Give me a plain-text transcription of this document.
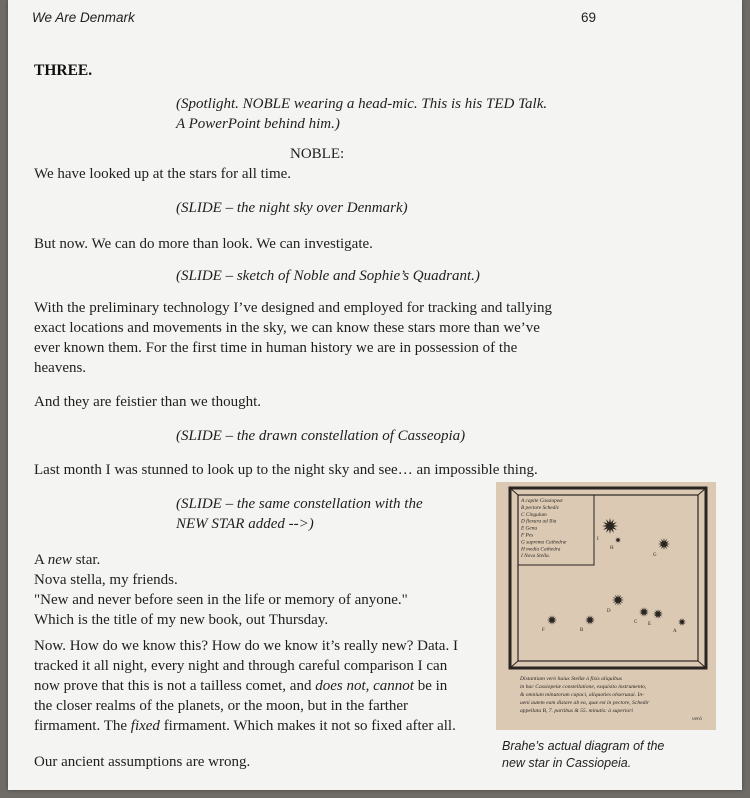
We Are Denmark	69
THREE.

(Spotlight. NOBLE wearing a head-mic. This is his TED Talk.
A PowerPoint behind him.)

NOBLE:

We have looked up at the stars for all time.

(SLIDE – the night sky over Denmark)

But now. We can do more than look. We can investigate.

(SLIDE – sketch of Noble and Sophie’s Quadrant.)

With the preliminary technology I’ve designed and employed for tracking and tallying
exact locations and movements in the sky, we can know these stars more than we’ve
ever known them. For the first time in human history we are in possession of the
heavens.

And they are feistier than we thought.

(SLIDE – the drawn constellation of Casseopia)

Last month I was stunned to look up to the night sky and see… an impossible thing.

(SLIDE – the same constellation with the
NEW STAR added -->)

A new star.
Nova stella, my friends.
"New and never before seen in the life or memory of anyone."
Which is the title of my new book, out Thursday.

Now. How do we know this? How do we know it’s really new? Data. I
tracked it all night, every night and through careful comparison I can
now prove that this is not a tailless comet, and does not, cannot be in
the closer realms of the planets, or the moon, but in the farther
firmament. The fixed firmament. Which makes it not so fixed after all.

Our ancient assumptions are wrong.

A capite Cassiopeæ
B pectore Schedir.
C Cingulum
D flexura ad Ilia
E Genu
F Pes
G suprema Cathedræ
H media Cathedra
I Nova Stella.
I
H
G
D
C E
B	A
F
Distantiam verò huius Stellæ à fixis aliquibus
in hac Cassiopeiæ constellatione, exquisito instrumento,
& omnium minutorum capaci, aliquoties obseruaui. In-
ueni autem eam distare ab ea, quæ est in pectore, Schedir
appellata B, 7. partibus & 55. minutis: à superiori
verò

Brahe’s actual diagram of the
new star in Cassiopeia.
